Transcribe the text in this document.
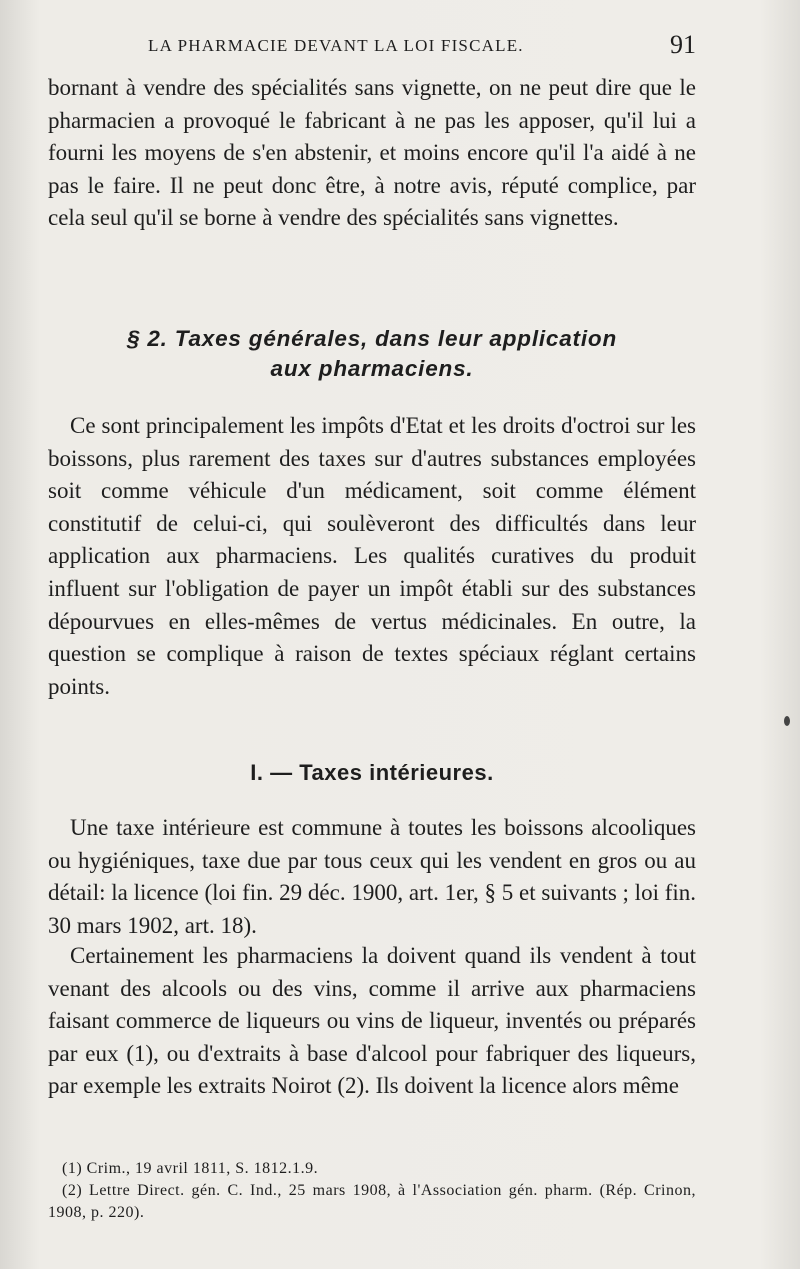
LA PHARMACIE DEVANT LA LOI FISCALE.	91

bornant à vendre des spécialités sans vignette, on ne peut dire que le pharmacien a provoqué le fabricant à ne pas les apposer, qu'il lui a fourni les moyens de s'en abstenir, et moins encore qu'il l'a aidé à ne pas le faire. Il ne peut donc être, à notre avis, réputé complice, par cela seul qu'il se borne à vendre des spécialités sans vignettes.

§ 2. Taxes générales, dans leur application
aux pharmaciens.

Ce sont principalement les impôts d'Etat et les droits d'octroi sur les boissons, plus rarement des taxes sur d'autres substances employées soit comme véhicule d'un médicament, soit comme élément constitutif de celui-ci, qui soulèveront des difficultés dans leur application aux pharmaciens. Les qualités curatives du produit influent sur l'obligation de payer un impôt établi sur des substances dépourvues en elles-mêmes de vertus médicinales. En outre, la question se complique à raison de textes spéciaux réglant certains points.

I. — Taxes intérieures.

Une taxe intérieure est commune à toutes les boissons alcooliques ou hygiéniques, taxe due par tous ceux qui les vendent en gros ou au détail: la licence (loi fin. 29 déc. 1900, art. 1er, § 5 et suivants ; loi fin. 30 mars 1902, art. 18).

Certainement les pharmaciens la doivent quand ils vendent à tout venant des alcools ou des vins, comme il arrive aux pharmaciens faisant commerce de liqueurs ou vins de liqueur, inventés ou préparés par eux (1), ou d'extraits à base d'alcool pour fabriquer des liqueurs, par exemple les extraits Noirot (2). Ils doivent la licence alors même

(1) Crim., 19 avril 1811, S. 1812.1.9.

(2) Lettre Direct. gén. C. Ind., 25 mars 1908, à l'Association gén. pharm. (Rép. Crinon, 1908, p. 220).
